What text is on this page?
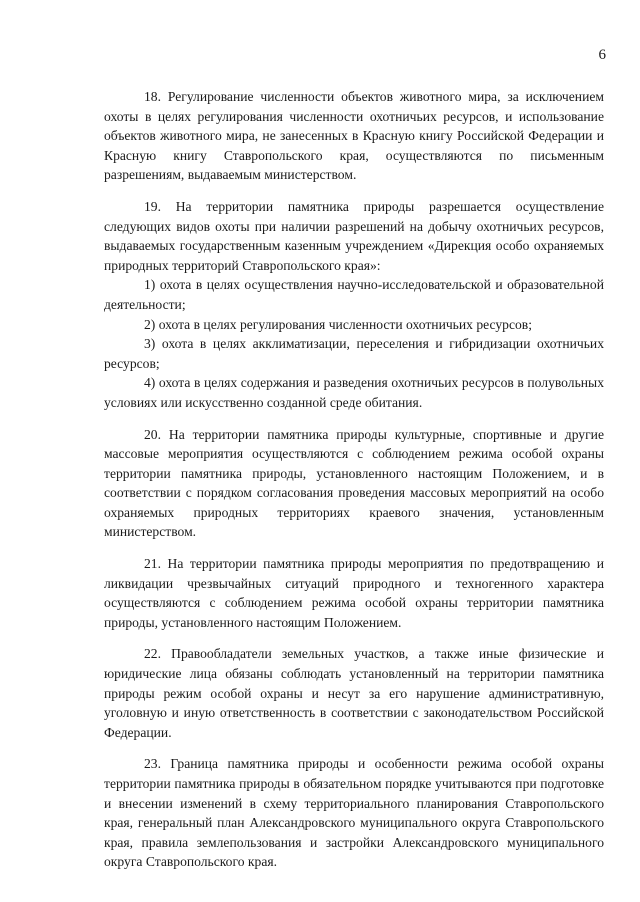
6

18. Регулирование численности объектов животного мира, за исключением охоты в целях регулирования численности охотничьих ресурсов, и использование объектов животного мира, не занесенных в Красную книгу Российской Федерации и Красную книгу Ставропольского края, осуществляются по письменным разрешениям, выдаваемым министерством.

19. На территории памятника природы разрешается осуществление следующих видов охоты при наличии разрешений на добычу охотничьих ресурсов, выдаваемых государственным казенным учреждением «Дирекция особо охраняемых природных территорий Ставропольского края»:

1) охота в целях осуществления научно-исследовательской и образовательной деятельности;

2) охота в целях регулирования численности охотничьих ресурсов;

3) охота в целях акклиматизации, переселения и гибридизации охотничьих ресурсов;

4) охота в целях содержания и разведения охотничьих ресурсов в полувольных условиях или искусственно созданной среде обитания.

20. На территории памятника природы культурные, спортивные и другие массовые мероприятия осуществляются с соблюдением режима особой охраны территории памятника природы, установленного настоящим Положением, и в соответствии с порядком согласования проведения массовых мероприятий на особо охраняемых природных территориях краевого значения, установленным министерством.

21. На территории памятника природы мероприятия по предотвращению и ликвидации чрезвычайных ситуаций природного и техногенного характера осуществляются с соблюдением режима особой охраны территории памятника природы, установленного настоящим Положением.

22. Правообладатели земельных участков, а также иные физические и юридические лица обязаны соблюдать установленный на территории памятника природы режим особой охраны и несут за его нарушение административную, уголовную и иную ответственность в соответствии с законодательством Российской Федерации.

23. Граница памятника природы и особенности режима особой охраны территории памятника природы в обязательном порядке учитываются при подготовке и внесении изменений в схему территориального планирования Ставропольского края, генеральный план Александровского муниципального округа Ставропольского края, правила землепользования и застройки Александровского муниципального округа Ставропольского края.
